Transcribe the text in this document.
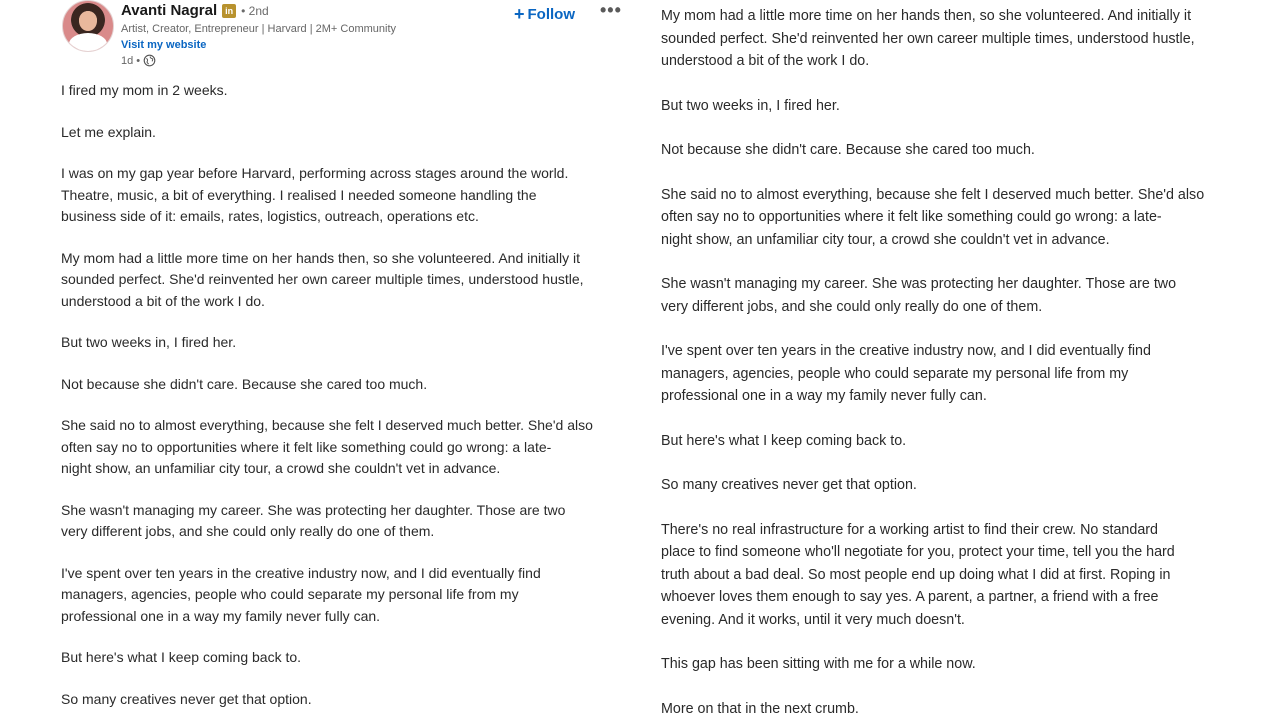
Avanti Nagral in • 2nd
Artist, Creator, Entrepreneur | Harvard | 2M+ Community
Visit my website
1d •
+ Follow •••

I fired my mom in 2 weeks.

Let me explain.

I was on my gap year before Harvard, performing across stages around the world.
Theatre, music, a bit of everything. I realised I needed someone handling the
business side of it: emails, rates, logistics, outreach, operations etc.

My mom had a little more time on her hands then, so she volunteered. And initially it
sounded perfect. She'd reinvented her own career multiple times, understood hustle,
understood a bit of the work I do.

But two weeks in, I fired her.

Not because she didn't care. Because she cared too much.

She said no to almost everything, because she felt I deserved much better. She'd also
often say no to opportunities where it felt like something could go wrong: a late-
night show, an unfamiliar city tour, a crowd she couldn't vet in advance.

She wasn't managing my career. She was protecting her daughter. Those are two
very different jobs, and she could only really do one of them.

I've spent over ten years in the creative industry now, and I did eventually find
managers, agencies, people who could separate my personal life from my
professional one in a way my family never fully can.

But here's what I keep coming back to.

So many creatives never get that option.

My mom had a little more time on her hands then, so she volunteered. And initially it
sounded perfect. She'd reinvented her own career multiple times, understood hustle,
understood a bit of the work I do.

But two weeks in, I fired her.

Not because she didn't care. Because she cared too much.

She said no to almost everything, because she felt I deserved much better. She'd also
often say no to opportunities where it felt like something could go wrong: a late-
night show, an unfamiliar city tour, a crowd she couldn't vet in advance.

She wasn't managing my career. She was protecting her daughter. Those are two
very different jobs, and she could only really do one of them.

I've spent over ten years in the creative industry now, and I did eventually find
managers, agencies, people who could separate my personal life from my
professional one in a way my family never fully can.

But here's what I keep coming back to.

So many creatives never get that option.

There's no real infrastructure for a working artist to find their crew. No standard
place to find someone who'll negotiate for you, protect your time, tell you the hard
truth about a bad deal. So most people end up doing what I did at first. Roping in
whoever loves them enough to say yes. A parent, a partner, a friend with a free
evening. And it works, until it very much doesn't.

This gap has been sitting with me for a while now.

More on that in the next crumb.
